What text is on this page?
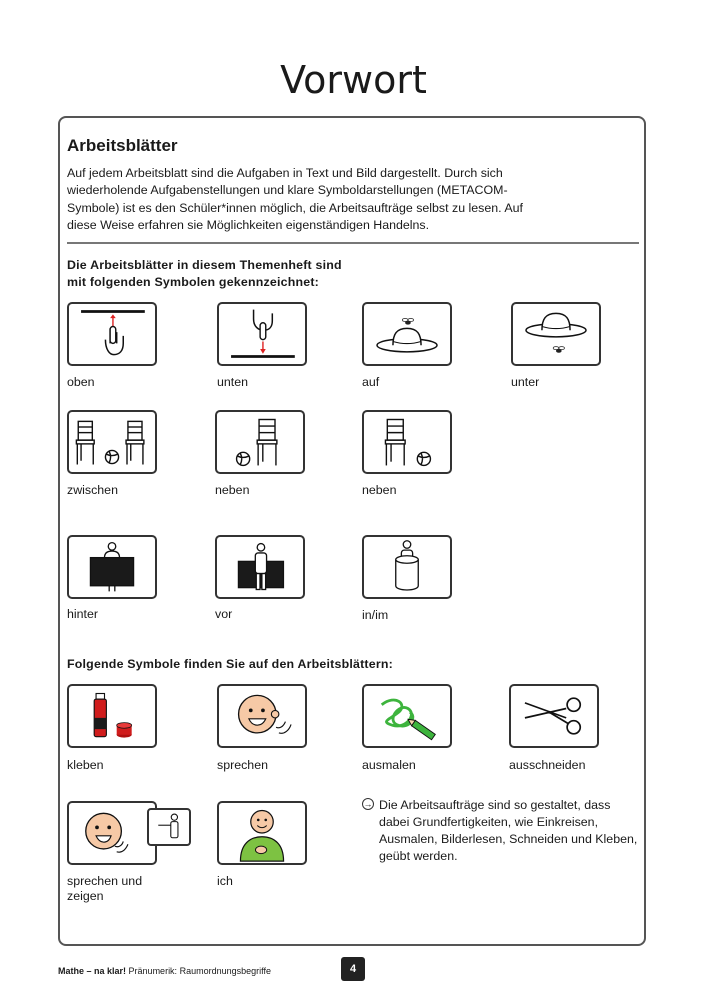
Vorwort
Arbeitsblätter
Auf jedem Arbeitsblatt sind die Aufgaben in Text und Bild dargestellt. Durch sich wiederholende Aufgabenstellungen und klare Symboldarstellungen (METACOM-Symbole) ist es den Schüler*innen möglich, die Arbeitsaufträge selbst zu lesen. Auf diese Weise erfahren sie Möglichkeiten eigenständigen Handelns.
Die Arbeitsblätter in diesem Themenheft sind
mit folgenden Symbolen gekennzeichnet:
oben	unten	auf	unter
zwischen	neben	neben
hinter	vor	in/im
Folgende Symbole finden Sie auf den Arbeitsblättern:
kleben	sprechen	ausmalen	ausschneiden
sprechen und zeigen
ich
→ Die Arbeitsaufträge sind so gestaltet, dass dabei Grundfertigkeiten, wie Einkreisen, Ausmalen, Bilderlesen, Schneiden und Kleben, geübt werden.
Mathe – na klar! Pränumerik: Raumordnungsbegriffe	4
